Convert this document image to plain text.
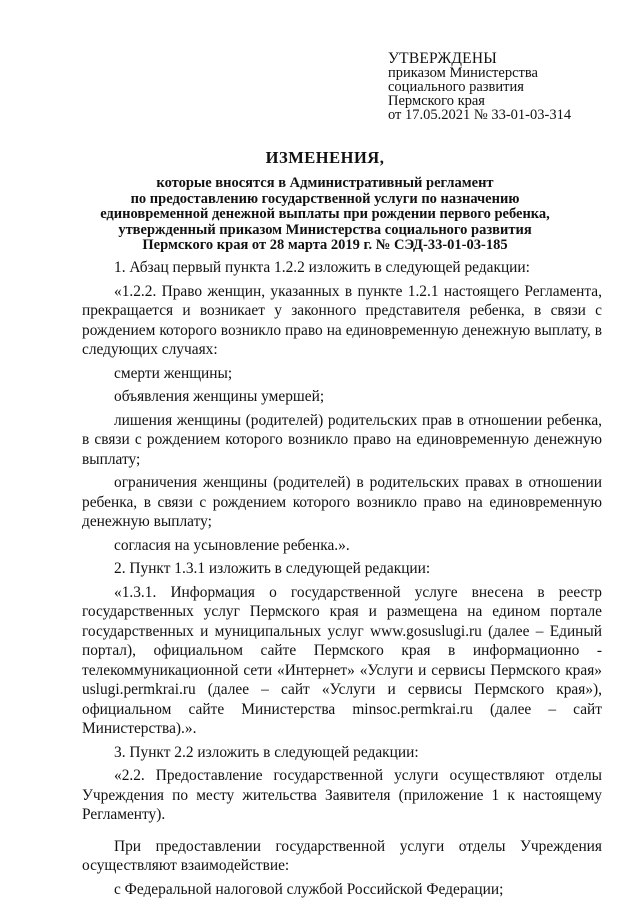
УТВЕРЖДЕНЫ
приказом Министерства
социального развития
Пермского края
от 17.05.2021 № 33-01-03-314
ИЗМЕНЕНИЯ,
которые вносятся в Административный регламент
по предоставлению государственной услуги по назначению
единовременной денежной выплаты при рождении первого ребенка,
утвержденный приказом Министерства социального развития
Пермского края от 28 марта 2019 г. № СЭД-33-01-03-185

1. Абзац первый пункта 1.2.2 изложить в следующей редакции:

«1.2.2. Право женщин, указанных в пункте 1.2.1 настоящего Регламента, прекращается и возникает у законного представителя ребенка, в связи с рождением которого возникло право на единовременную денежную выплату, в следующих случаях:

смерти женщины;

объявления женщины умершей;

лишения женщины (родителей) родительских прав в отношении ребенка, в связи с рождением которого возникло право на единовременную денежную выплату;

ограничения женщины (родителей) в родительских правах в отношении ребенка, в связи с рождением которого возникло право на единовременную денежную выплату;

согласия на усыновление ребенка.».

2. Пункт 1.3.1 изложить в следующей редакции:

«1.3.1. Информация о государственной услуге внесена в реестр государственных услуг Пермского края и размещена на едином портале государственных и муниципальных услуг www.gosuslugi.ru (далее – Единый портал), официальном сайте Пермского края в информационно - телекоммуникационной сети «Интернет» «Услуги и сервисы Пермского края» uslugi.permkrai.ru (далее – сайт «Услуги и сервисы Пермского края»), официальном сайте Министерства minsoc.permkrai.ru (далее – сайт Министерства).».

3. Пункт 2.2 изложить в следующей редакции:

«2.2. Предоставление государственной услуги осуществляют отделы Учреждения по месту жительства Заявителя (приложение 1 к настоящему Регламенту).

При предоставлении государственной услуги отделы Учреждения осуществляют взаимодействие:

с Федеральной налоговой службой Российской Федерации;
